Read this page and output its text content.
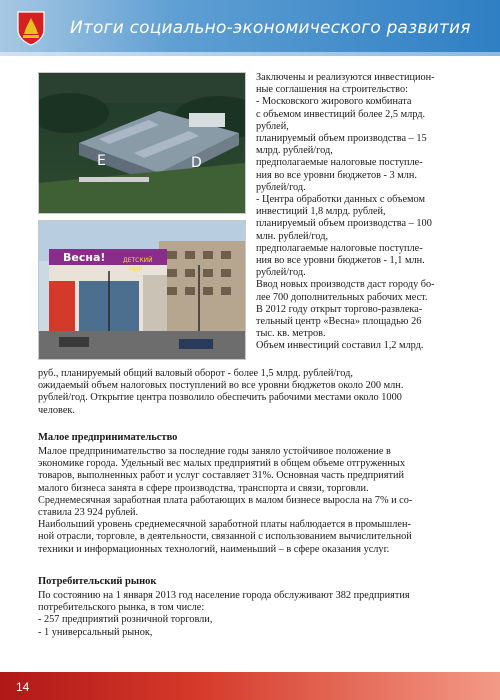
Итоги социально-экономического развития
E	D
Весна!	ДЕТСКИЙ
МИР

Заключены и реализуются инвестицион-

ные соглашения на строительство:

- Московского жирового комбината

с объемом инвестиций более 2,5 млрд.

рублей,

планируемый объем производства – 15

млрд. рублей/год,

предполагаемые налоговые поступле-

ния во все уровни бюджетов - 3 млн.

рублей/год.

- Центра обработки данных с объемом

инвестиций 1,8 млрд. рублей,

планируемый объем производства – 100

млн. рублей/год,

предполагаемые налоговые поступле-

ния во все уровни бюджетов - 1,1 млн.

рублей/год.

Ввод новых производств даст городу бо-

лее 700 дополнительных рабочих мест.

В 2012 году открыт торгово-развлека-

тельный центр «Весна» площадью 26

тыс. кв. метров.

Объем инвестиций составил 1,2 млрд.

руб., планируемый общий валовый оборот - более 1,5 млрд. рублей/год,

ожидаемый объем налоговых поступлений во все уровни бюджетов около 200 млн.

рублей/год. Открытие центра позволило обеспечить рабочими местами около 1000

человек.

Малое предпринимательство

Малое предпринимательство за последние годы заняло устойчивое положение в

экономике города. Удельный вес малых предприятий в общем объеме отгруженных

товаров, выполненных работ и услуг составляет 31%. Основная часть предприятий

малого бизнеса занята в сфере производства, транспорта и связи, торговли.

Среднемесячная заработная плата работающих в малом бизнесе выросла на 7% и со-

ставила 23 924 рублей.

Наибольший уровень среднемесячной заработной платы наблюдается в промышлен-

ной отрасли, торговле, в деятельности, связанной с использованием вычислительной

техники и информационных технологий, наименьший – в сфере оказания услуг.

Потребительский рынок

По состоянию на 1 января 2013 год население города обслуживают 382 предприятия

потребительского рынка, в том числе:

- 257 предприятий розничной торговли,

- 1 универсальный рынок,

14
